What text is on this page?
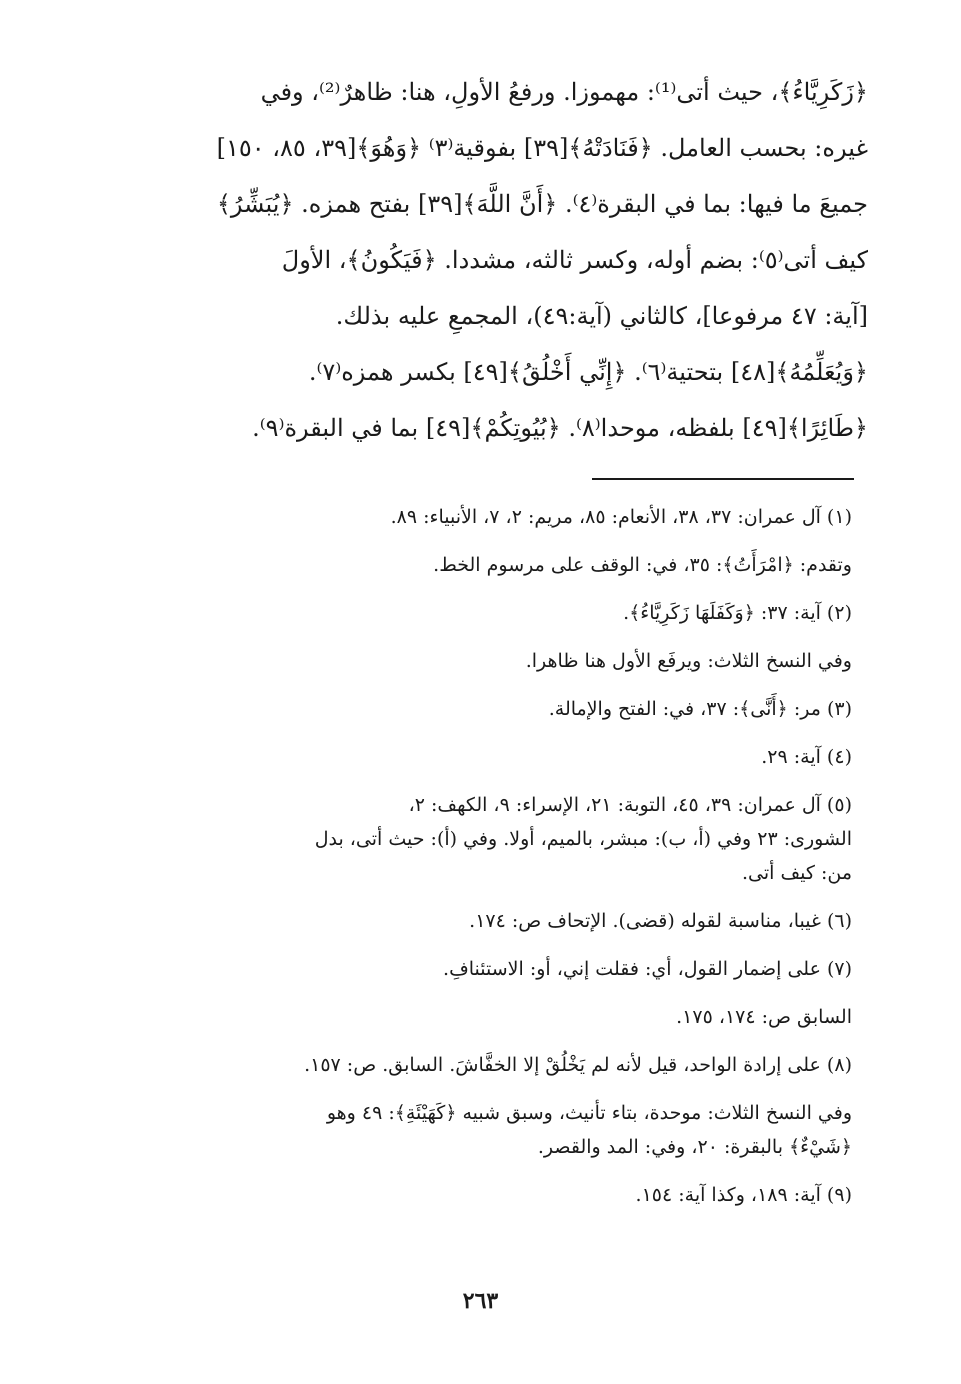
﴿زَكَرِيَّاءُ﴾، حيث أتى⁽¹⁾: مهموزا. ورفعُ الأولِ، هنا: ظاهرٌ⁽²⁾، وفي
غيره: بحسب العامل. ﴿فَنَادَتْهُ﴾[٣٩] بفوقية⁽٣⁾ ﴿وَهُوَ﴾[٣٩، ٨٥، ١٥٠]
جميعَ ما فيها: بما في البقرة⁽٤⁾. ﴿أَنَّ اللَّهَ﴾[٣٩] بفتح همزه. ﴿يُبَشِّرُ﴾
كيف أتى⁽٥⁾: بضم أوله، وكسر ثالثه، مشددا. ﴿فَيَكُونُ﴾، الأولَ
[آية: ٤٧ مرفوعا]، كالثاني (آية:٤٩)، المجمعِ عليه بذلك.
﴿وَيُعَلِّمُهُ﴾[٤٨] بتحتية⁽٦⁾. ﴿إِنِّي أَخْلُقُ﴾[٤٩] بكسر همزه⁽٧⁾.
﴿طَائِرًا﴾[٤٩] بلفظه، موحدا⁽٨⁾. ﴿بُيُوتِكُمْ﴾[٤٩] بما في البقرة⁽٩⁾.
(١) آل عمران: ٣٧، ٣٨، الأنعام: ٨٥، مريم: ٢، ٧، الأنبياء: ٨٩.
وتقدم: ﴿امْرَأَتُ﴾: ٣٥، في: الوقف على مرسوم الخط.
(٢) آية: ٣٧: ﴿وَكَفَلَهَا زَكَرِيَّاءُ﴾.
وفي النسخ الثلاث: ويرفَع الأول هنا ظاهرا.
(٣) مر: ﴿أَنَّى﴾: ٣٧، في: الفتح والإمالة.
(٤) آية: ٢٩.
(٥) آل عمران: ٣٩، ٤٥، التوبة: ٢١، الإسراء: ٩، الكهف: ٢،
الشورى: ٢٣ وفي (أ، ب): مبشر، بالميم، أولا. وفي (أ): حيث أتى، بدل
من: كيف أتى.
(٦) غيبا، مناسبة لقوله (قضى). الإتحاف ص: ١٧٤.
(٧) على إضمار القول، أي: فقلت إني، أو: الاستئنافِ.
السابق ص: ١٧٤، ١٧٥.
(٨) على إرادة الواحد، قيل لأنه لم يَخْلُقْ إلا الخفَّاشَ. السابق. ص: ١٥٧.
وفي النسخ الثلاث: موحدة، بتاء تأنيث، وسبق شبيه ﴿كَهَيْئَةِ﴾: ٤٩ وهو
﴿شَيْءٌ﴾ بالبقرة: ٢٠، وفي: المد والقصر.
(٩) آية: ١٨٩، وكذا آية: ١٥٤.
٢٦٣
